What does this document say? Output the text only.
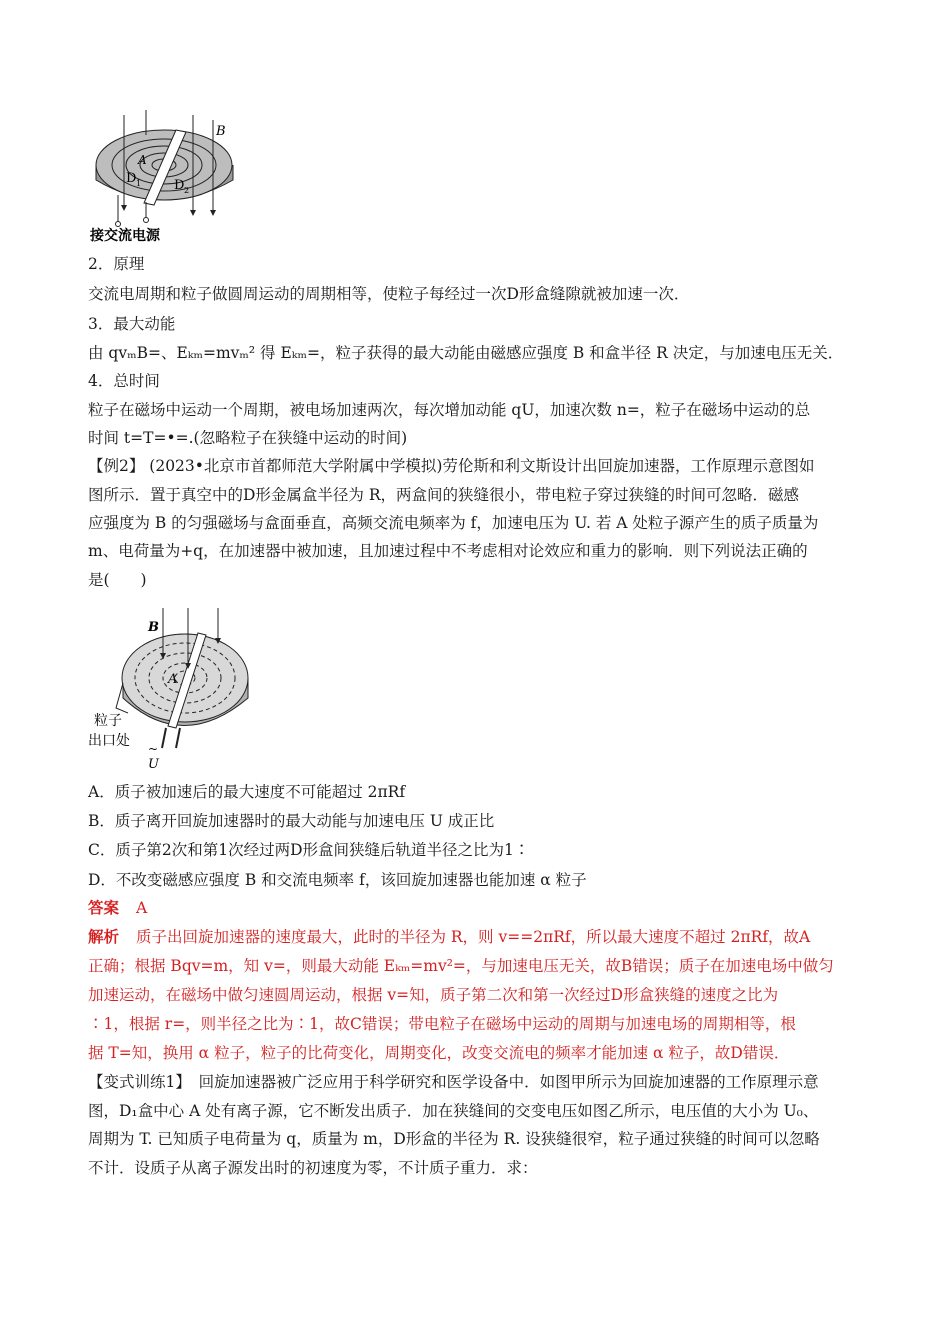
B
A
D 1	D 2
接交流电源
2．原理
交流电周期和粒子做圆周运动的周期相等，使粒子每经过一次D形盒缝隙就被加速一次．
3．最大动能
由 qvₘB=、Eₖₘ=mvₘ² 得 Eₖₘ=，粒子获得的最大动能由磁感应强度 B 和盒半径 R 决定，与加速电压无关．
4．总时间
粒子在磁场中运动一个周期，被电场加速两次，每次增加动能 qU，加速次数 n=，粒子在磁场中运动的总
时间 t=T=•=.(忽略粒子在狭缝中运动的时间)
【例2】 (2023•北京市首都师范大学附属中学模拟)劳伦斯和利文斯设计出回旋加速器，工作原理示意图如
图所示．置于真空中的D形金属盒半径为 R，两盒间的狭缝很小，带电粒子穿过狭缝的时间可忽略．磁感
应强度为 B 的匀强磁场与盒面垂直，高频交流电频率为 f，加速电压为 U. 若 A 处粒子源产生的质子质量为
m、电荷量为+q，在加速器中被加速，且加速过程中不考虑相对论效应和重力的影响．则下列说法正确的
是(　　)
B
A
粒子
出口处 ~
U
A．质子被加速后的最大速度不可能超过 2πRf
B．质子离开回旋加速器时的最大动能与加速电压 U 成正比
C．质子第2次和第1次经过两D形盒间狭缝后轨道半径之比为1∶
D．不改变磁感应强度 B 和交流电频率 f，该回旋加速器也能加速 α 粒子
答案 A
解析 质子出回旋加速器的速度最大，此时的半径为 R，则 v==2πRf，所以最大速度不超过 2πRf，故A
正确；根据 Bqv=m，知 v=，则最大动能 Eₖₘ=mv²=，与加速电压无关，故B错误；质子在加速电场中做匀
加速运动，在磁场中做匀速圆周运动，根据 v=知，质子第二次和第一次经过D形盒狭缝的速度之比为
∶1，根据 r=，则半径之比为∶1，故C错误；带电粒子在磁场中运动的周期与加速电场的周期相等，根
据 T=知，换用 α 粒子，粒子的比荷变化，周期变化，改变交流电的频率才能加速 α 粒子，故D错误．
【变式训练1】　回旋加速器被广泛应用于科学研究和医学设备中．如图甲所示为回旋加速器的工作原理示意
图，D₁盒中心 A 处有离子源，它不断发出质子．加在狭缝间的交变电压如图乙所示，电压值的大小为 U₀、
周期为 T. 已知质子电荷量为 q，质量为 m，D形盒的半径为 R. 设狭缝很窄，粒子通过狭缝的时间可以忽略
不计．设质子从离子源发出时的初速度为零，不计质子重力．求：
